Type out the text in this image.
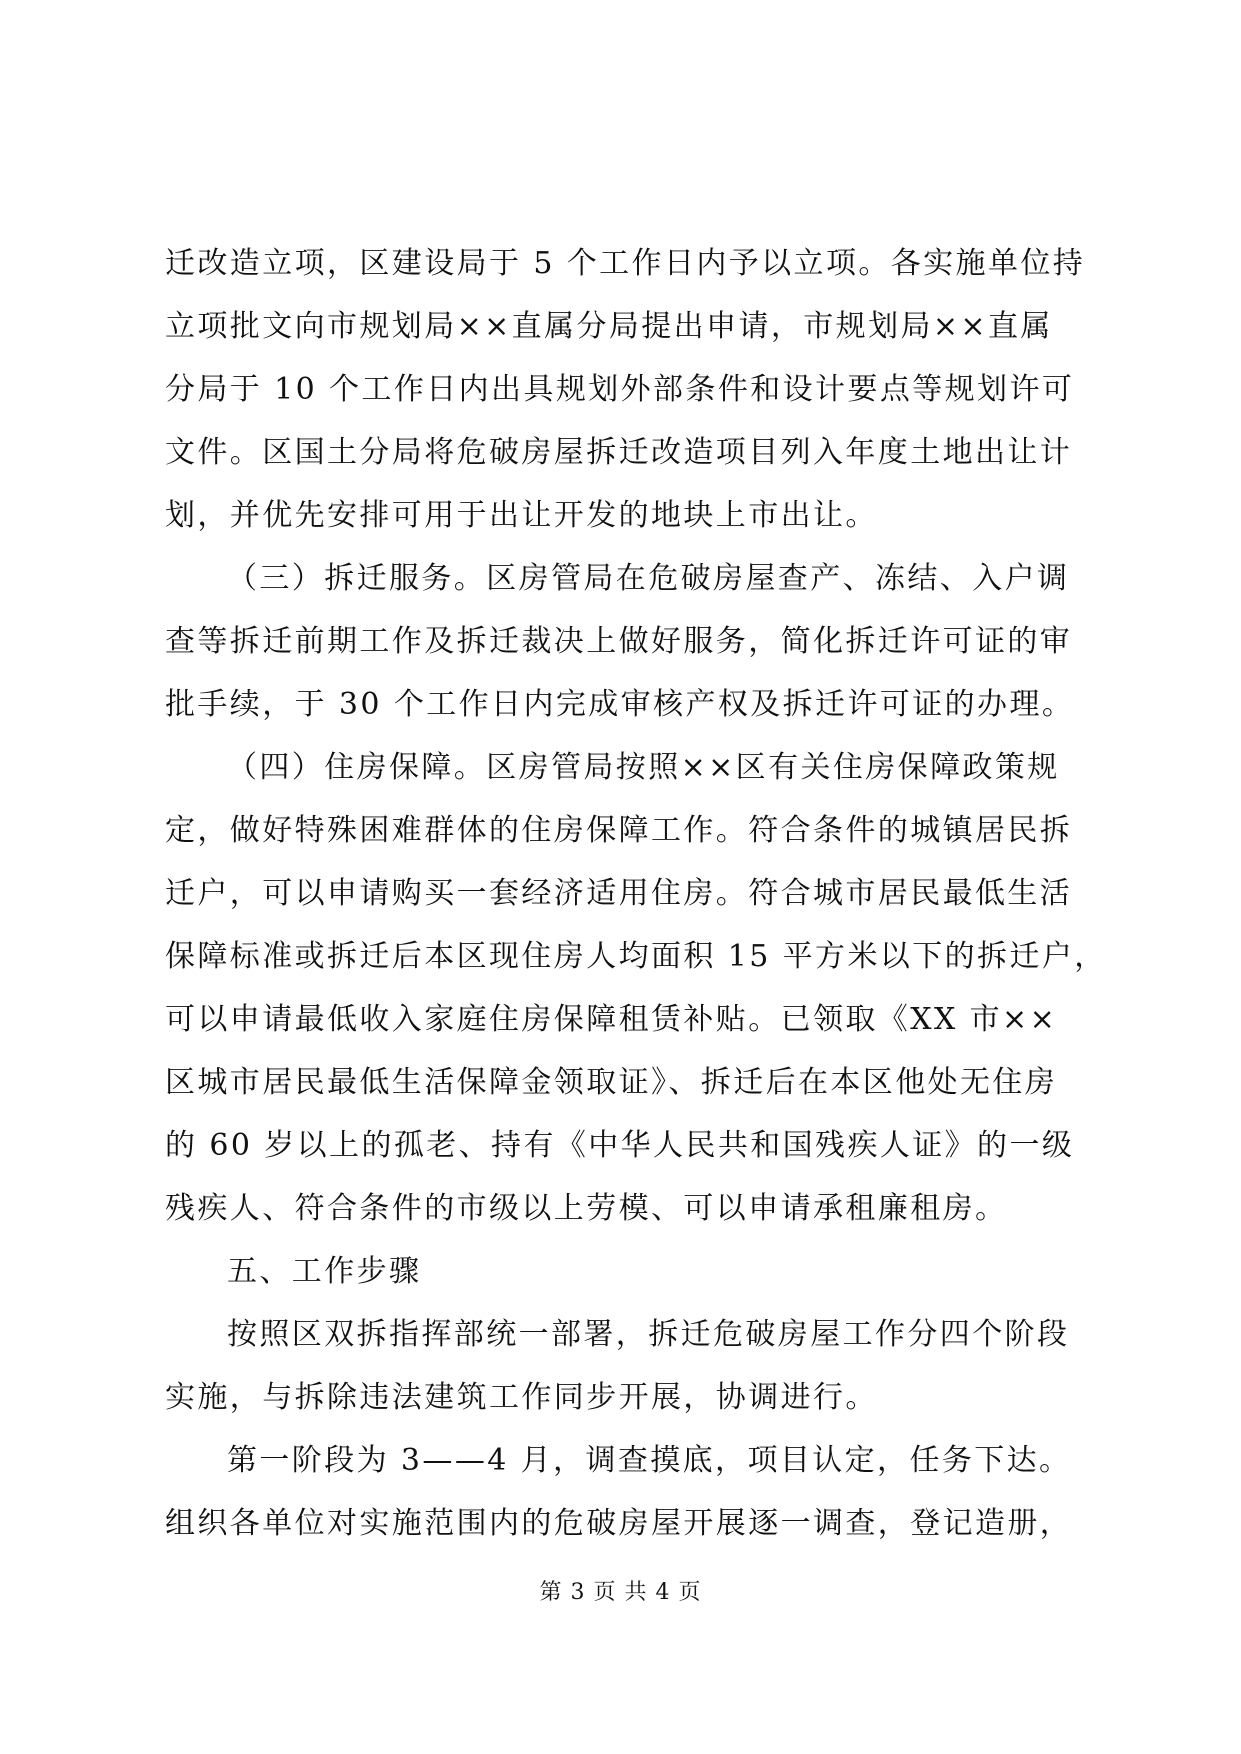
迁改造立项，区建设局于 5 个工作日内予以立项。各实施单位持
立项批文向市规划局××直属分局提出申请，市规划局××直属
分局于 10 个工作日内出具规划外部条件和设计要点等规划许可
文件。区国土分局将危破房屋拆迁改造项目列入年度土地出让计
划，并优先安排可用于出让开发的地块上市出让。
（三）拆迁服务。区房管局在危破房屋查产、冻结、入户调
查等拆迁前期工作及拆迁裁决上做好服务，简化拆迁许可证的审
批手续，于 30 个工作日内完成审核产权及拆迁许可证的办理。
（四）住房保障。区房管局按照××区有关住房保障政策规
定，做好特殊困难群体的住房保障工作。符合条件的城镇居民拆
迁户，可以申请购买一套经济适用住房。符合城市居民最低生活
保障标准或拆迁后本区现住房人均面积 15 平方米以下的拆迁户，
可以申请最低收入家庭住房保障租赁补贴。已领取《XX 市××
区城市居民最低生活保障金领取证》、拆迁后在本区他处无住房
的 60 岁以上的孤老、持有《中华人民共和国残疾人证》的一级
残疾人、符合条件的市级以上劳模、可以申请承租廉租房。
五、工作步骤
按照区双拆指挥部统一部署，拆迁危破房屋工作分四个阶段
实施，与拆除违法建筑工作同步开展，协调进行。
第一阶段为 3——4 月，调查摸底，项目认定，任务下达。
组织各单位对实施范围内的危破房屋开展逐一调查，登记造册，
第 3 页 共 4 页
